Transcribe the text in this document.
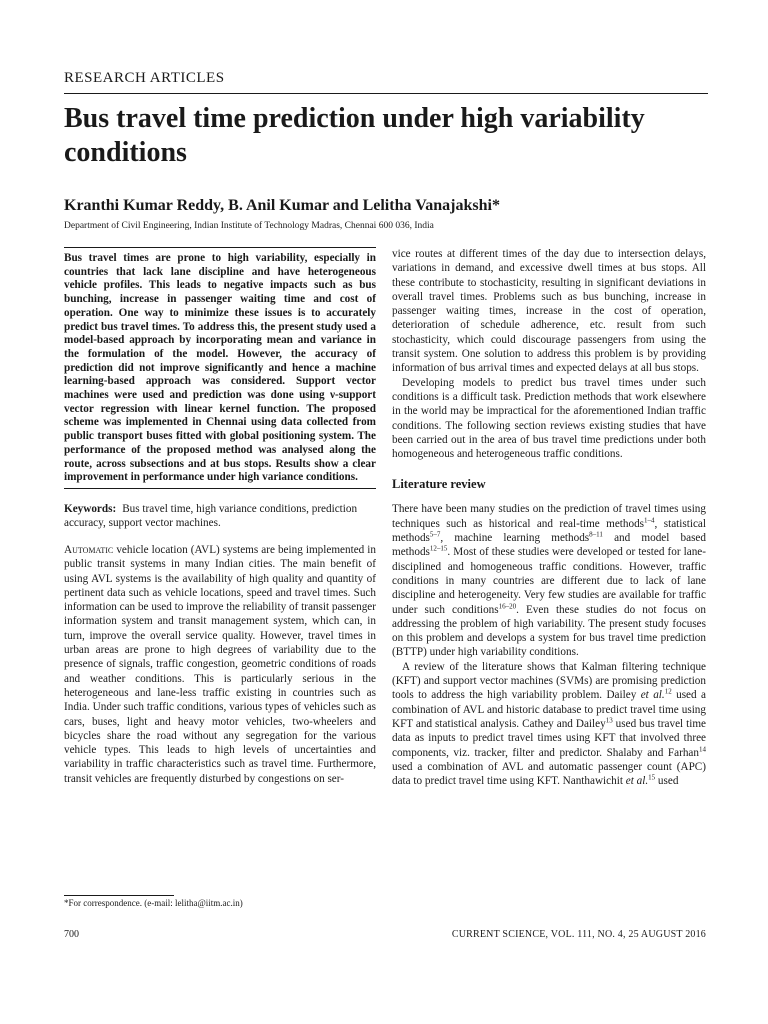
RESEARCH ARTICLES
Bus travel time prediction under high variability conditions
Kranthi Kumar Reddy, B. Anil Kumar and Lelitha Vanajakshi*
Department of Civil Engineering, Indian Institute of Technology Madras, Chennai 600 036, India
Bus travel times are prone to high variability, especially in countries that lack lane discipline and have heterogeneous vehicle profiles. This leads to negative impacts such as bus bunching, increase in passenger waiting time and cost of operation. One way to minimize these issues is to accurately predict bus travel times. To address this, the present study used a model-based approach by incorporating mean and variance in the formulation of the model. However, the accuracy of prediction did not improve significantly and hence a machine learning-based approach was considered. Support vector machines were used and prediction was done using ν-support vector regression with linear kernel function. The proposed scheme was implemented in Chennai using data collected from public transport buses fitted with global positioning system. The performance of the proposed method was analysed along the route, across subsections and at bus stops. Results show a clear improvement in performance under high variance conditions.
Keywords: Bus travel time, high variance conditions, prediction accuracy, support vector machines.

Automatic vehicle location (AVL) systems are being implemented in public transit systems in many Indian cities. The main benefit of using AVL systems is the availability of high quality and quantity of pertinent data such as vehicle locations, speed and travel times. Such information can be used to improve the reliability of transit passenger information system and transit management system, which can, in turn, improve the overall service quality. However, travel times in urban areas are prone to high degrees of variability due to the presence of signals, traffic congestion, geometric conditions of roads and weather conditions. This is particularly serious in the heterogeneous and lane-less traffic existing in countries such as India. Under such traffic conditions, various types of vehicles such as cars, buses, light and heavy motor vehicles, two-wheelers and bicycles share the road without any segregation for the various vehicle types. This leads to high levels of uncertainties and variability in traffic characteristics such as travel time. Furthermore, transit vehicles are frequently disturbed by congestions on ser-

vice routes at different times of the day due to intersection delays, variations in demand, and excessive dwell times at bus stops. All these contribute to stochasticity, resulting in significant deviations in overall travel times. Problems such as bus bunching, increase in passenger waiting times, increase in the cost of operation, deterioration of schedule adherence, etc. result from such stochasticity, which could discourage passengers from using the transit system. One solution to address this problem is by providing information of bus arrival times and expected delays at all bus stops.

Developing models to predict bus travel times under such conditions is a difficult task. Prediction methods that work elsewhere in the world may be impractical for the aforementioned Indian traffic conditions. The following section reviews existing studies that have been carried out in the area of bus travel time predictions under both homogeneous and heterogeneous traffic conditions.

Literature review

There have been many studies on the prediction of travel times using techniques such as historical and real-time methods$^{1-4}$, statistical methods$^{5-7}$, machine learning methods$^{8-11}$ and model based methods$^{12-15}$. Most of these studies were developed or tested for lane-disciplined and homogeneous traffic conditions. However, traffic conditions in many countries are different due to lack of lane discipline and heterogeneity. Very few studies are available for traffic under such conditions$^{16-20}$. Even these studies do not focus on addressing the problem of high variability. The present study focuses on this problem and develops a system for bus travel time prediction (BTTP) under high variability conditions.

A review of the literature shows that Kalman filtering technique (KFT) and support vector machines (SVMs) are promising prediction tools to address the high variability problem. Dailey et al.$^{12}$ used a combination of AVL and historic database to predict travel time using KFT and statistical analysis. Cathey and Dailey$^{13}$ used bus travel time data as inputs to predict travel times using KFT that involved three components, viz. tracker, filter and predictor. Shalaby and Farhan$^{14}$ used a combination of AVL and automatic passenger count (APC) data to predict travel time using KFT. Nanthawichit et al.$^{15}$ used

*For correspondence. (e-mail: lelitha@iitm.ac.in)
700	CURRENT SCIENCE, VOL. 111, NO. 4, 25 AUGUST 2016
